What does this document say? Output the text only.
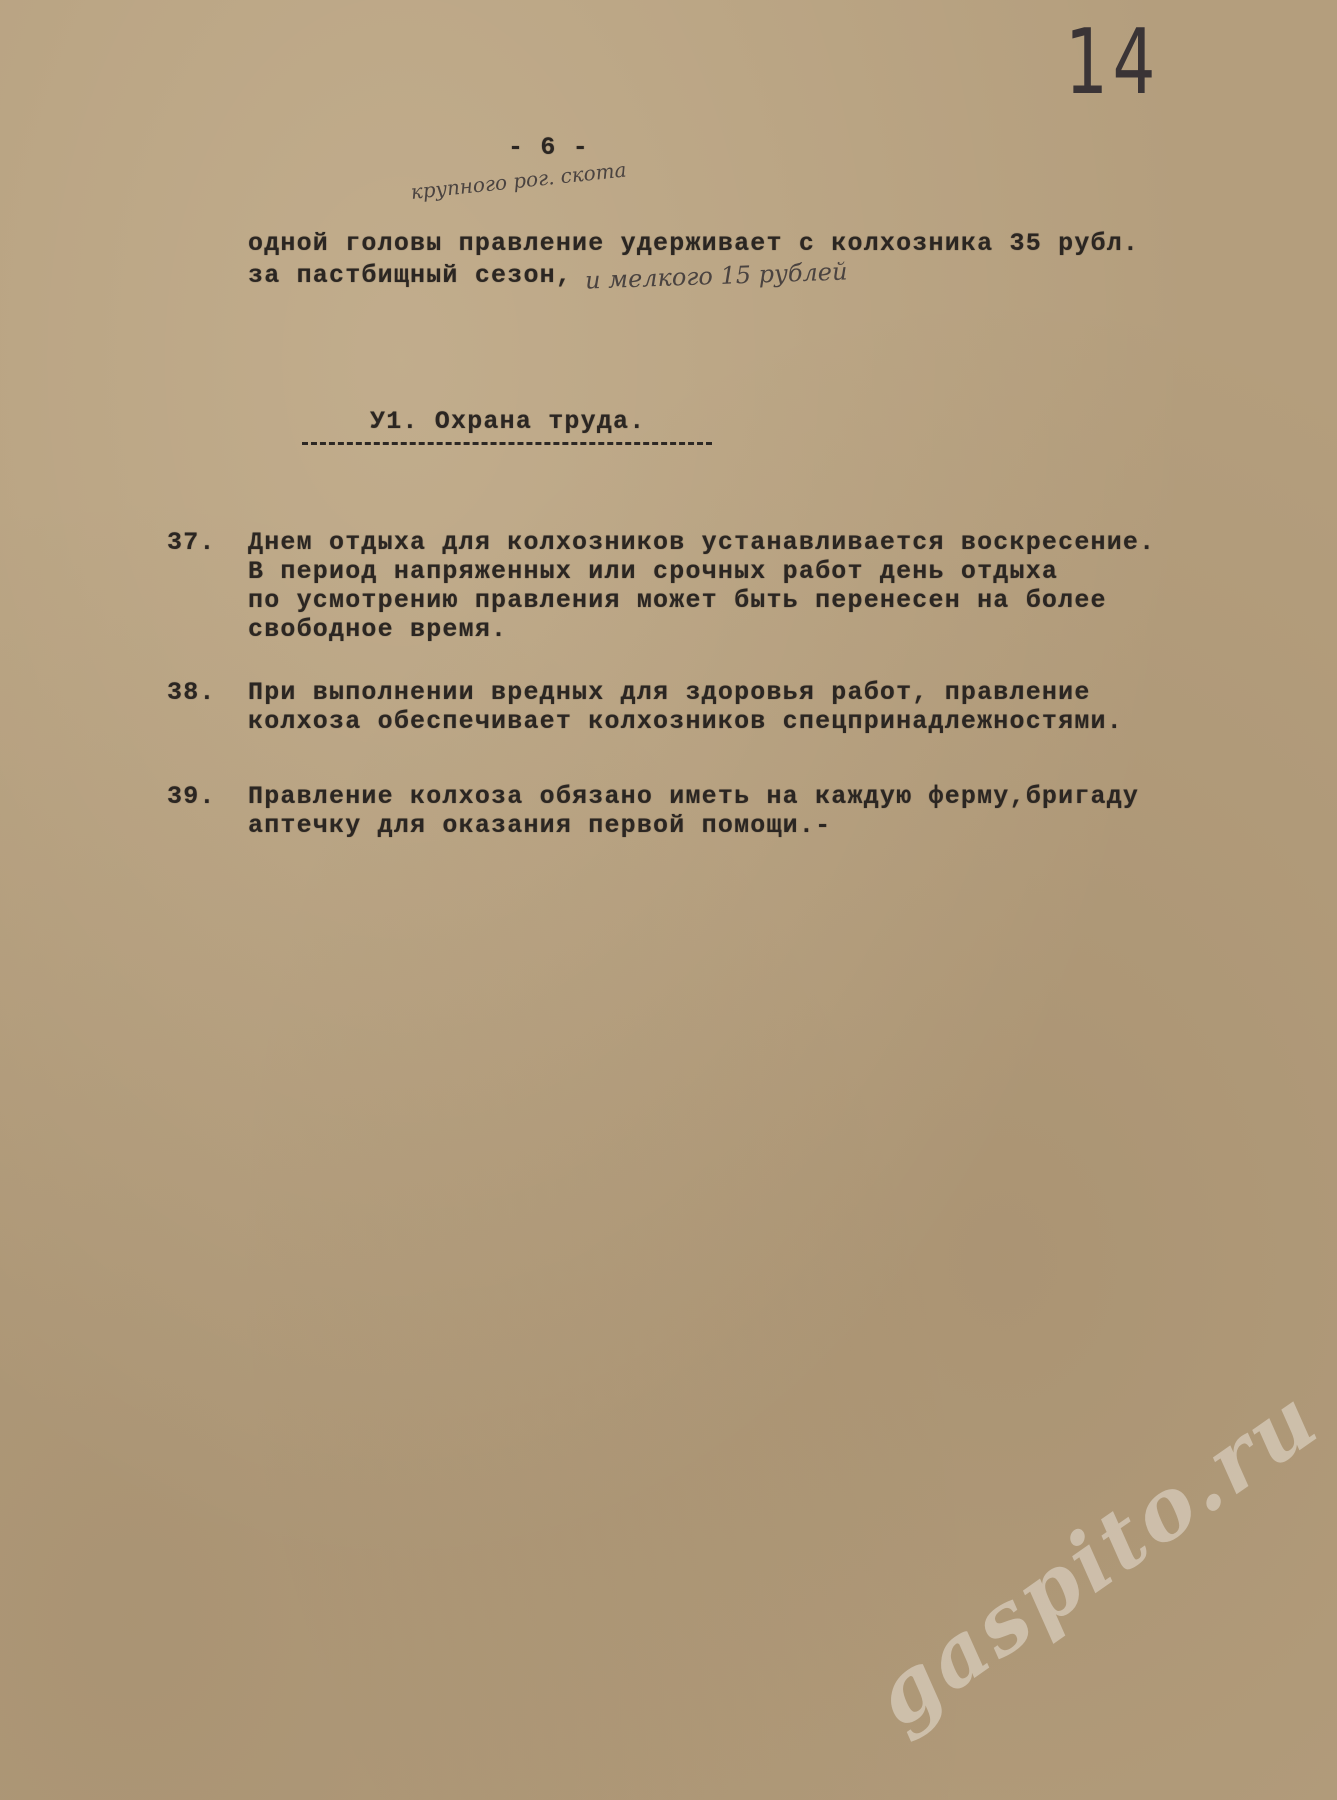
14
- 6 -
крупного рог. скота
одной головы правление удерживает с колхозника 35 рубл.
за пастбищный сезон, и мелкого 15 рублей
У1. Охрана труда.
37. Днем отдыха для колхозников устанавливается воскресение.
В период напряженных или срочных работ день отдыха
по усмотрению правления может быть перенесен на более
свободное время.
38. При выполнении вредных для здоровья работ, правление
колхоза обеспечивает колхозников спецпринадлежностями.
39. Правление колхоза обязано иметь на каждую ферму,бригаду
аптечку для оказания первой помощи.-
gaspito.ru
